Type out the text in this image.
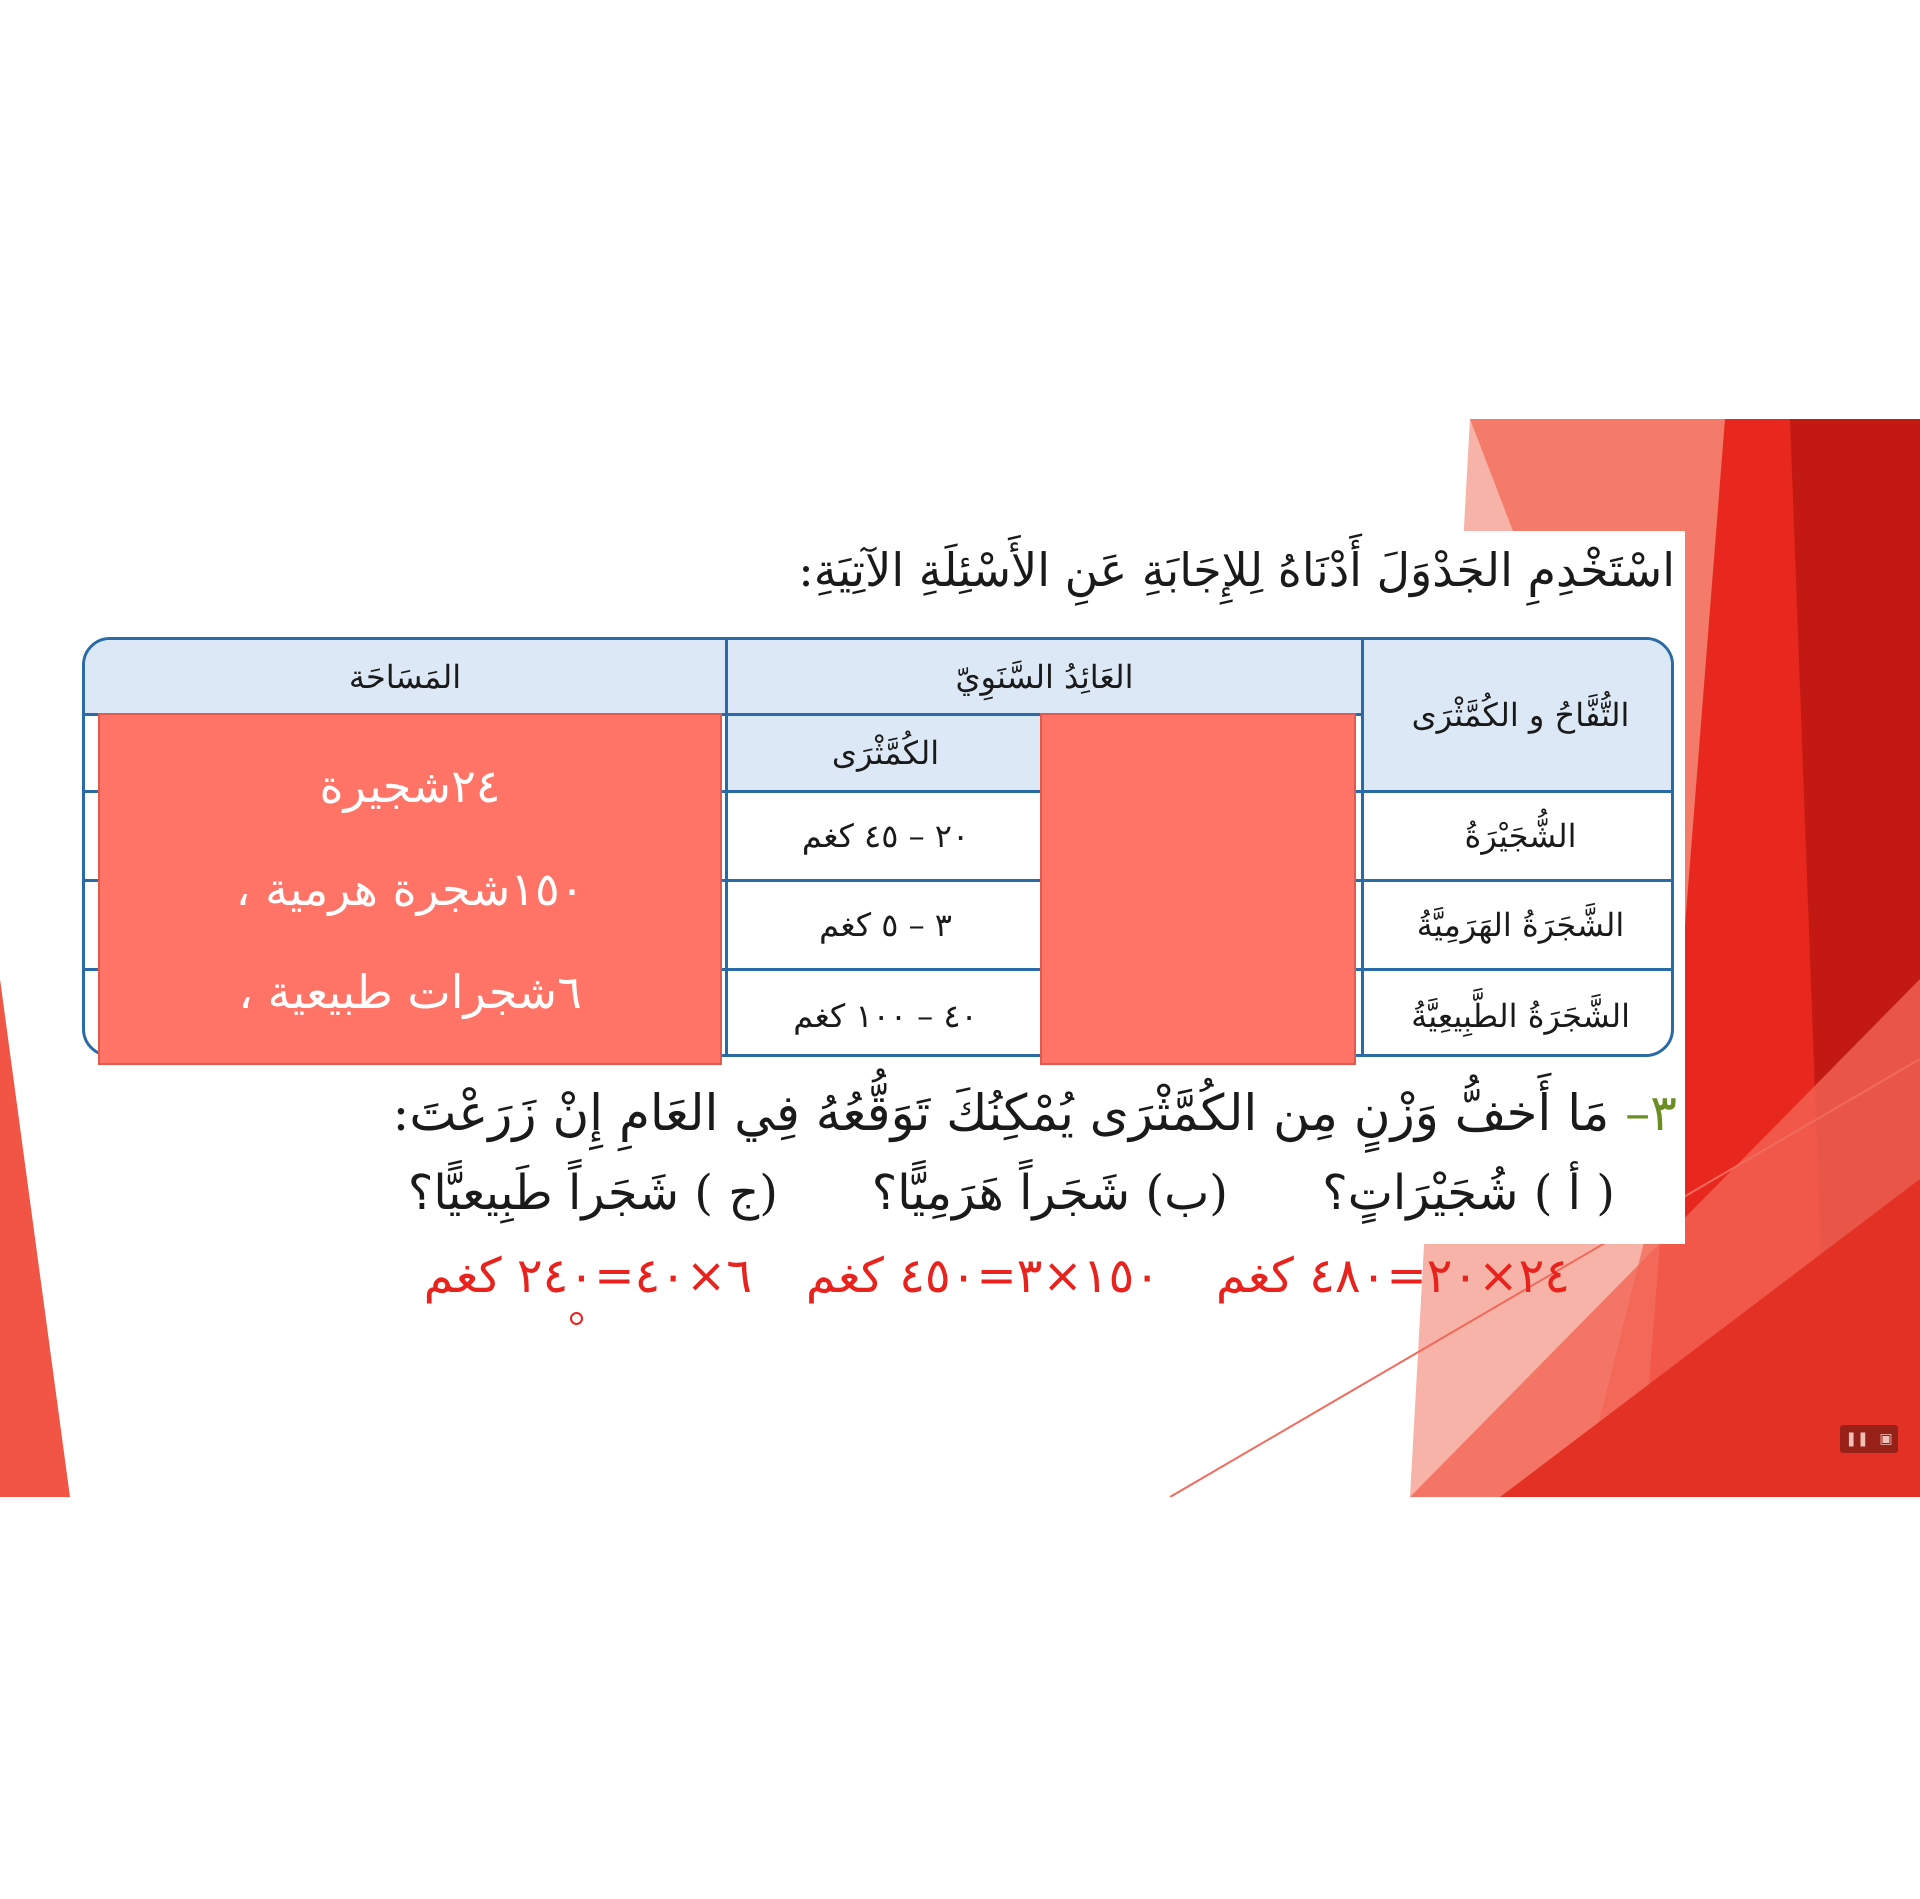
اسْتَخْدِمِ الجَدْوَلَ أَدْنَاهُ لِلإِجَابَةِ عَنِ الأَسْئِلَةِ الآتِيَةِ:
المَسَاحَة	العَائِدُ السَّنَوِيّ
التُّفَّاحُ و الكُمَّثْرَى
الكُمَّثْرَى
الشُّجَيْرَةُ
٢٠ – ٤٥ كغم
الشَّجَرَةُ الهَرَمِيَّةُ
٣ – ٥ كغم
الشَّجَرَةُ الطَّبِيعِيَّةُ
٤٠ – ١٠٠ كغم
٢٤شجيرة
١٥٠شجرة هرمية ،
٦شجرات طبيعية ،
٣– مَا أَخفُّ وَزْنٍ مِن الكُمَّثْرَى يُمْكِنُكَ تَوَقُّعُهُ فِي العَامِ إِنْ زَرَعْتَ:
( أ ) شُجَيْرَاتٍ؟
(ب) شَجَراً هَرَمِيًّا؟
(ج ) شَجَراً طَبِيعيًّا؟
٢٤×٢٠=٤٨٠ كغم
١٥٠×٣=٤٥٠ كغم
٦×٤٠=٢٤٠ كغم
❚❚ ▣
